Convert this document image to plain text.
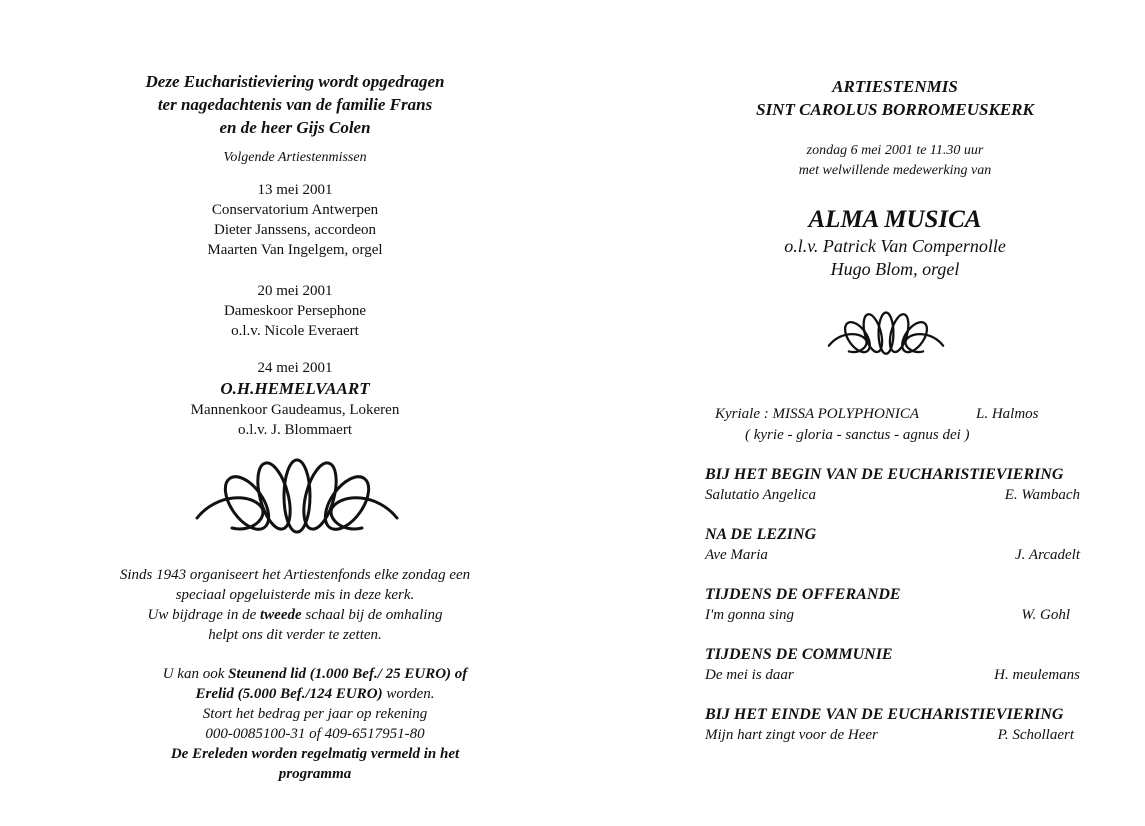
Deze Eucharistieviering wordt opgedragen
ter nagedachtenis van de familie Frans
en de heer Gijs Colen
Volgende Artiestenmissen
13 mei 2001
Conservatorium Antwerpen
Dieter Janssens, accordeon
Maarten Van Ingelgem, orgel
20 mei 2001
Dameskoor Persephone
o.l.v. Nicole Everaert
24 mei 2001
O.H.HEMELVAART
Mannenkoor Gaudeamus, Lokeren
o.l.v. J. Blommaert
Sinds 1943 organiseert het Artiestenfonds elke zondag een
speciaal opgeluisterde mis in deze kerk.
Uw bijdrage in de tweede schaal bij de omhaling
helpt ons dit verder te zetten.
U kan ook Steunend lid (1.000 Bef./ 25 EURO) of
Erelid (5.000 Bef./124 EURO) worden.
Stort het bedrag per jaar op rekening
000-0085100-31 of 409-6517951-80
De Ereleden worden regelmatig vermeld in het
programma
ARTIESTENMIS
SINT CAROLUS BORROMEUSKERK
zondag 6 mei 2001 te 11.30 uur
met welwillende medewerking van
ALMA MUSICA
o.l.v. Patrick Van Compernolle
Hugo Blom, orgel
Kyriale : MISSA POLYPHONICA	L. Halmos
( kyrie - gloria - sanctus - agnus dei )
BIJ HET BEGIN VAN DE EUCHARISTIEVIERING
Salutatio Angelica	E. Wambach
NA DE LEZING
Ave Maria	J. Arcadelt
TIJDENS DE OFFERANDE
I'm gonna sing	W. Gohl
TIJDENS DE COMMUNIE
De mei is daar	H. meulemans
BIJ HET EINDE VAN DE EUCHARISTIEVIERING
Mijn hart zingt voor de Heer	P. Schollaert
